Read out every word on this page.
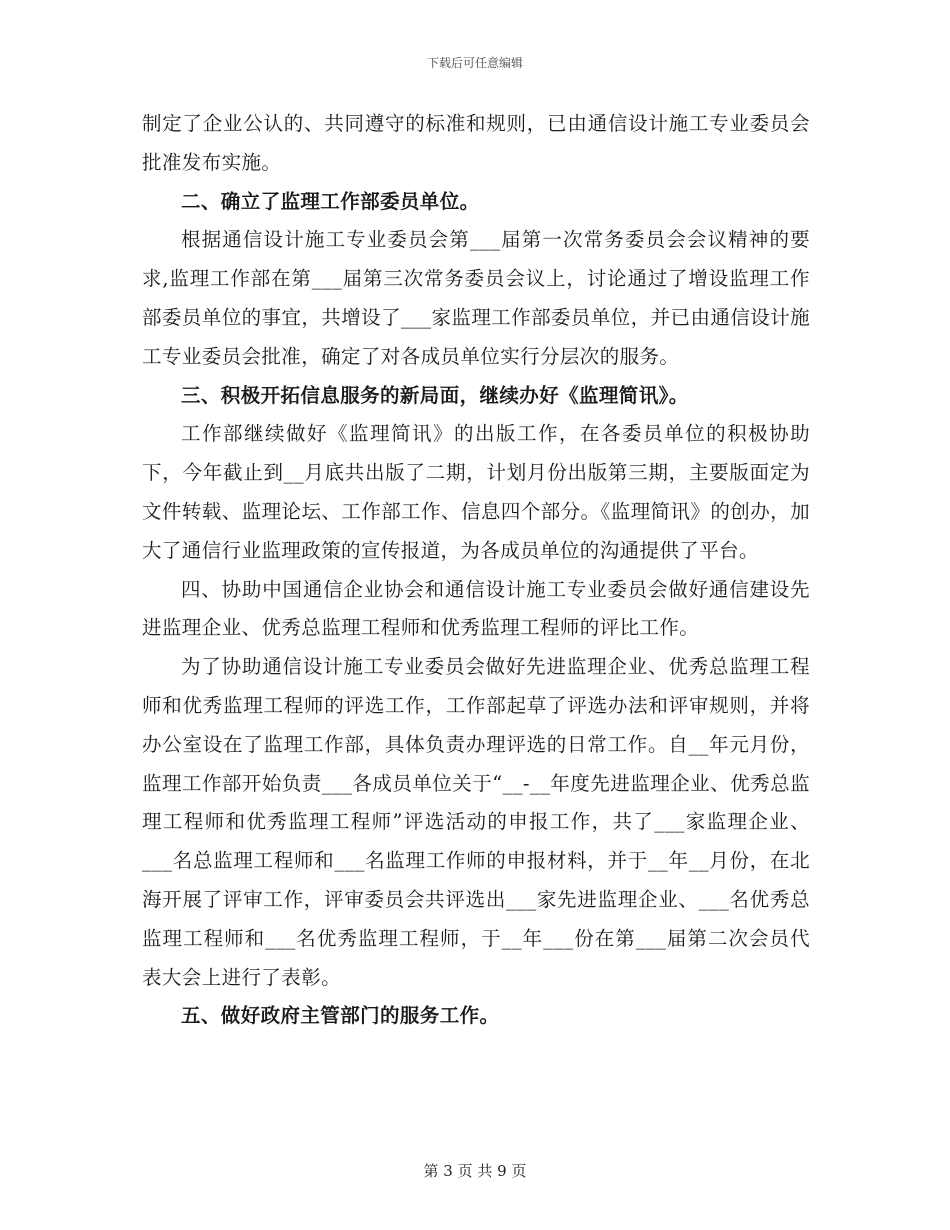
下载后可任意编辑

制定了企业公认的、共同遵守的标准和规则，已由通信设计施工专业委员会批准发布实施。

二、确立了监理工作部委员单位。

根据通信设计施工专业委员会第___届第一次常务委员会会议精神的要求,监理工作部在第___届第三次常务委员会议上，讨论通过了增设监理工作部委员单位的事宜，共增设了___家监理工作部委员单位，并已由通信设计施工专业委员会批准，确定了对各成员单位实行分层次的服务。

三、积极开拓信息服务的新局面，继续办好《监理简讯》。

工作部继续做好《监理简讯》的出版工作，在各委员单位的积极协助下，今年截止到__月底共出版了二期，计划月份出版第三期，主要版面定为文件转载、监理论坛、工作部工作、信息四个部分。《监理简讯》的创办，加大了通信行业监理政策的宣传报道，为各成员单位的沟通提供了平台。

四、协助中国通信企业协会和通信设计施工专业委员会做好通信建设先进监理企业、优秀总监理工程师和优秀监理工程师的评比工作。

为了协助通信设计施工专业委员会做好先进监理企业、优秀总监理工程师和优秀监理工程师的评选工作，工作部起草了评选办法和评审规则，并将办公室设在了监理工作部，具体负责办理评选的日常工作。自__年元月份，监理工作部开始负责___各成员单位关于“__-__年度先进监理企业、优秀总监理工程师和优秀监理工程师”评选活动的申报工作，共了___家监理企业、___名总监理工程师和___名监理工作师的申报材料，并于__年__月份，在北海开展了评审工作，评审委员会共评选出___家先进监理企业、___名优秀总监理工程师和___名优秀监理工程师，于__年___份在第___届第二次会员代表大会上进行了表彰。

五、做好政府主管部门的服务工作。

第 3 页 共 9 页
